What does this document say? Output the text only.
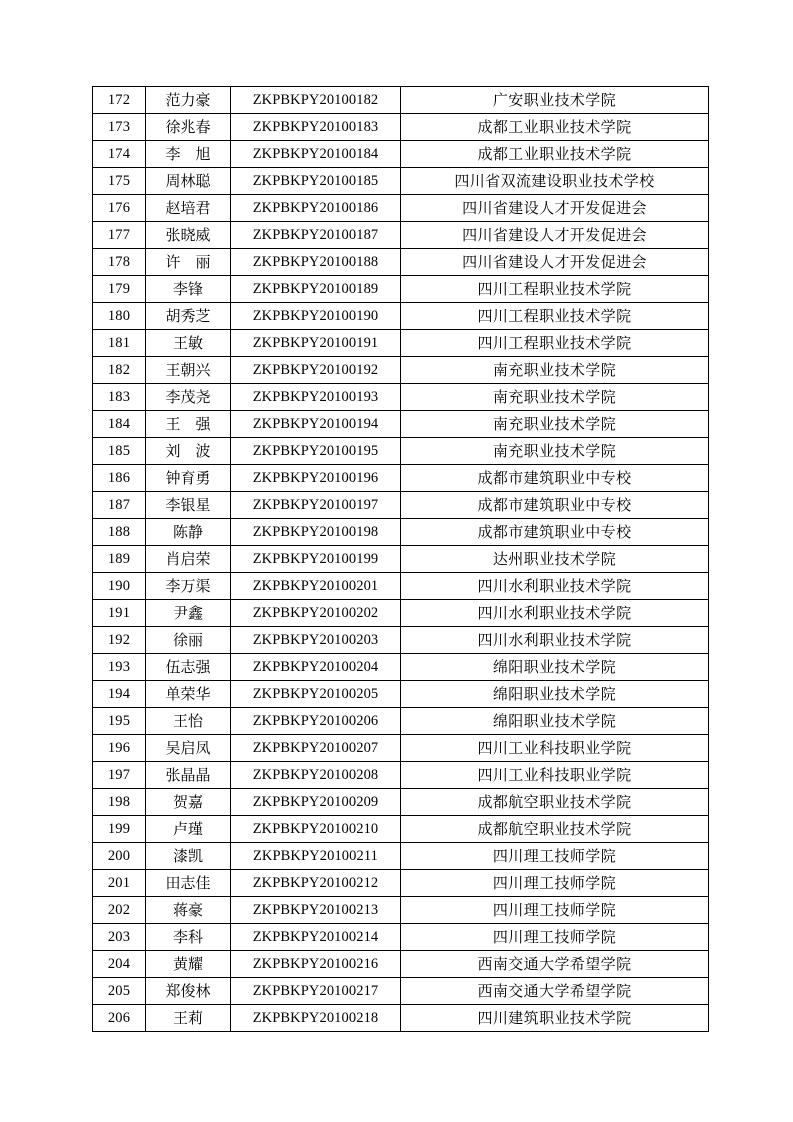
172	范力豪	ZKPBKPY20100182	广安职业技术学院
173	徐兆春	ZKPBKPY20100183	成都工业职业技术学院
174	李　旭	ZKPBKPY20100184	成都工业职业技术学院
175	周林聪	ZKPBKPY20100185	四川省双流建设职业技术学校
176	赵培君	ZKPBKPY20100186	四川省建设人才开发促进会
177	张晓威	ZKPBKPY20100187	四川省建设人才开发促进会
178	许　丽	ZKPBKPY20100188	四川省建设人才开发促进会
179	李锋	ZKPBKPY20100189	四川工程职业技术学院
180	胡秀芝	ZKPBKPY20100190	四川工程职业技术学院
181	王敏	ZKPBKPY20100191	四川工程职业技术学院
182	王朝兴	ZKPBKPY20100192	南充职业技术学院
183	李茂尧	ZKPBKPY20100193	南充职业技术学院
184	王　强	ZKPBKPY20100194	南充职业技术学院
185	刘　波	ZKPBKPY20100195	南充职业技术学院
186	钟育勇	ZKPBKPY20100196	成都市建筑职业中专校
187	李银星	ZKPBKPY20100197	成都市建筑职业中专校
188	陈静	ZKPBKPY20100198	成都市建筑职业中专校
189	肖启荣	ZKPBKPY20100199	达州职业技术学院
190	李万渠	ZKPBKPY20100201	四川水利职业技术学院
191	尹鑫	ZKPBKPY20100202	四川水利职业技术学院
192	徐丽	ZKPBKPY20100203	四川水利职业技术学院
193	伍志强	ZKPBKPY20100204	绵阳职业技术学院
194	单荣华	ZKPBKPY20100205	绵阳职业技术学院
195	王怡	ZKPBKPY20100206	绵阳职业技术学院
196	吴启凤	ZKPBKPY20100207	四川工业科技职业学院
197	张晶晶	ZKPBKPY20100208	四川工业科技职业学院
198	贺嘉	ZKPBKPY20100209	成都航空职业技术学院
199	卢瑾	ZKPBKPY20100210	成都航空职业技术学院
200	漆凯	ZKPBKPY20100211	四川理工技师学院
201	田志佳	ZKPBKPY20100212	四川理工技师学院
202	蒋豪	ZKPBKPY20100213	四川理工技师学院
203	李科	ZKPBKPY20100214	四川理工技师学院
204	黄耀	ZKPBKPY20100216	西南交通大学希望学院
205	郑俊林	ZKPBKPY20100217	西南交通大学希望学院
206	王莉	ZKPBKPY20100218	四川建筑职业技术学院
